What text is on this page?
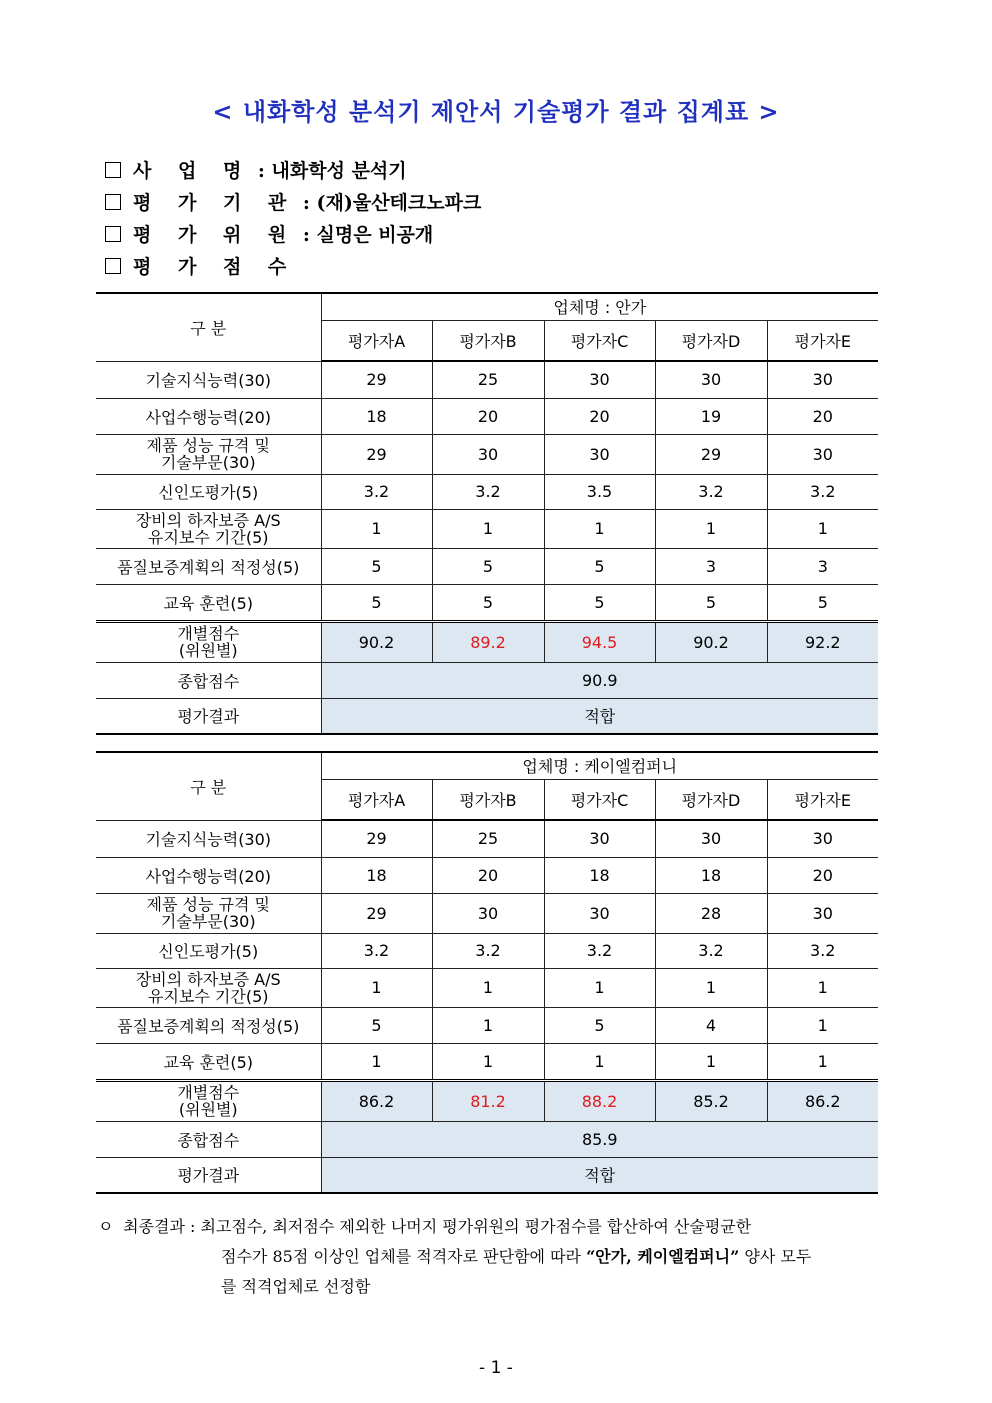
< 내화학성 분석기 제안서 기술평가 결과 집계표 >
사 업 명 : 내화학성 분석기
평 가 기 관 : (재)울산테크노파크
평 가 위 원 : 실명은 비공개
평 가 점 수
구 분	업체명 : 안가				
	평가자A	평가자B	평가자C	평가자D	평가자E
기술지식능력(30)	29	25	30	30	30
사업수행능력(20)	18	20	20	19	20
제품 성능 규격 및
기술부문(30)	29	30	30	29	30
신인도평가(5)	3.2	3.2	3.5	3.2	3.2
장비의 하자보증 A/S
유지보수 기간(5)	1	1	1	1	1
품질보증계획의 적정성(5)	5	5	5	3	3
교육 훈련(5)	5	5	5	5	5
개별점수
(위원별)	90.2	89.2	94.5	90.2	92.2
종합점수	90.9				
평가결과	적합				
구 분	업체명 : 케이엘컴퍼니				
	평가자A	평가자B	평가자C	평가자D	평가자E
기술지식능력(30)	29	25	30	30	30
사업수행능력(20)	18	20	18	18	20
제품 성능 규격 및
기술부문(30)	29	30	30	28	30
신인도평가(5)	3.2	3.2	3.2	3.2	3.2
장비의 하자보증 A/S
유지보수 기간(5)	1	1	1	1	1
품질보증계획의 적정성(5)	5	1	5	4	1
교육 훈련(5)	1	1	1	1	1
개별점수
(위원별)	86.2	81.2	88.2	85.2	86.2
종합점수	85.9				
평가결과	적합				
ㅇ 최종결과 : 최고점수, 최저점수 제외한 나머지 평가위원의 평가점수를 합산하여 산술평균한
점수가 85점 이상인 업체를 적격자로 판단함에 따라 “안가, 케이엘컴퍼니” 양사 모두
를 적격업체로 선정함
- 1 -
